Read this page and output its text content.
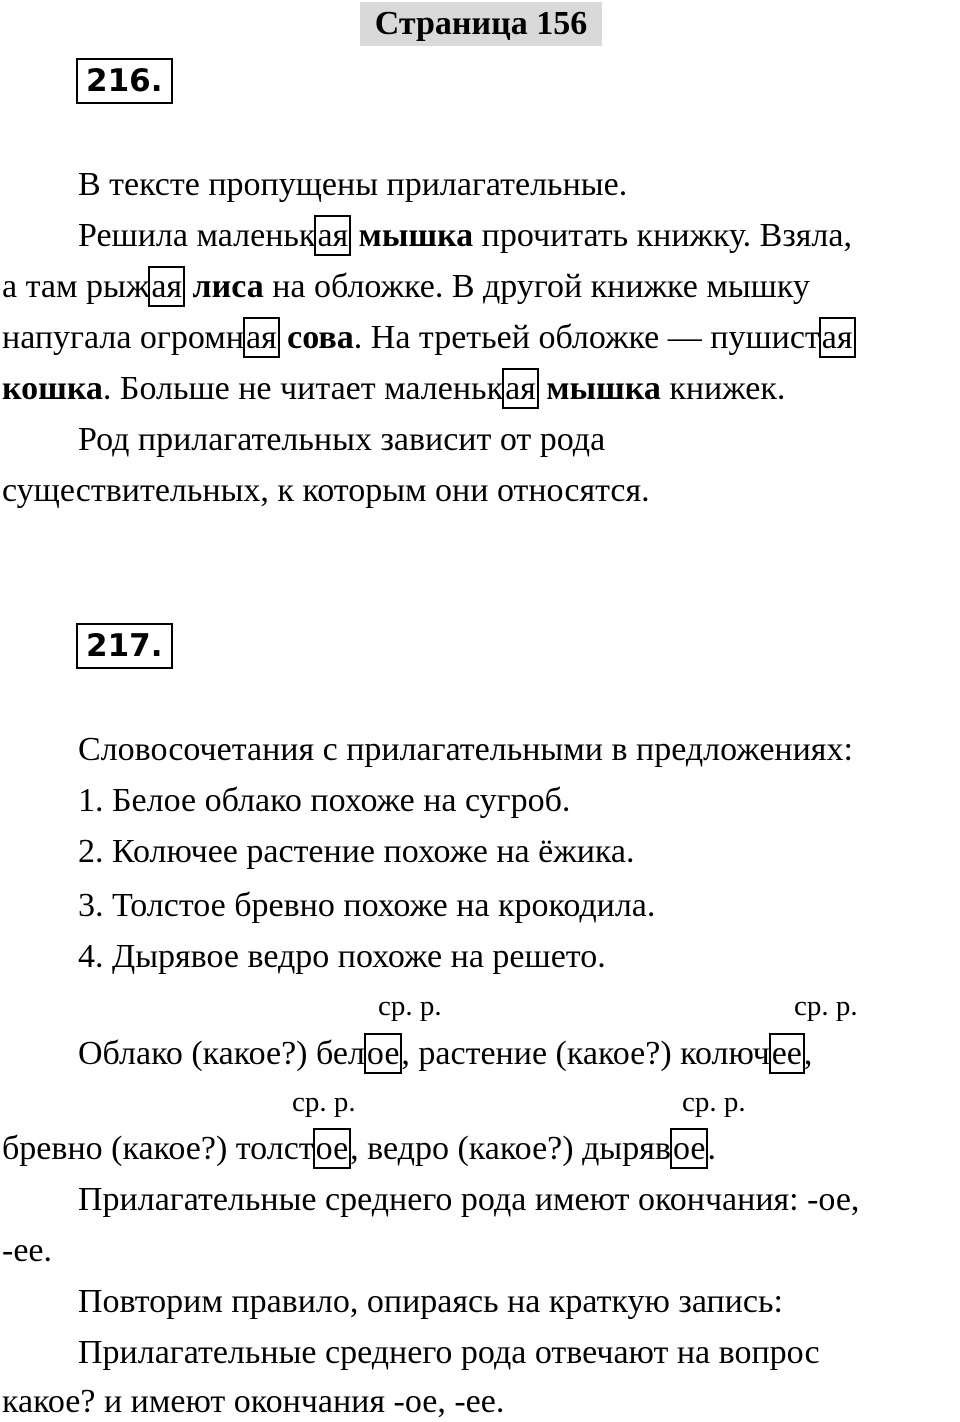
Страница 156
216.
В тексте пропущены прилагательные.
Решила маленькая мышка прочитать книжку. Взяла,
а там рыжая лиса на обложке. В другой книжке мышку
напугала огромная сова. На третьей обложке — пушистая
кошка. Больше не читает маленькая мышка книжек.
Род прилагательных зависит от рода
существительных, к которым они относятся.
217.
Словосочетания с прилагательными в предложениях:
1. Белое облако похоже на сугроб.
2. Колючее растение похоже на ёжика.
3. Толстое бревно похоже на крокодила.
4. Дырявое ведро похоже на решето.
ср. р.	ср. р.
Облако (какое?) белое, растение (какое?) колючее,
ср. р.	ср. р.
бревно (какое?) толстое, ведро (какое?) дырявое.
Прилагательные среднего рода имеют окончания: -ое,
-ее.
Повторим правило, опираясь на краткую запись:
Прилагательные среднего рода отвечают на вопрос
какое? и имеют окончания -ое, -ее.
